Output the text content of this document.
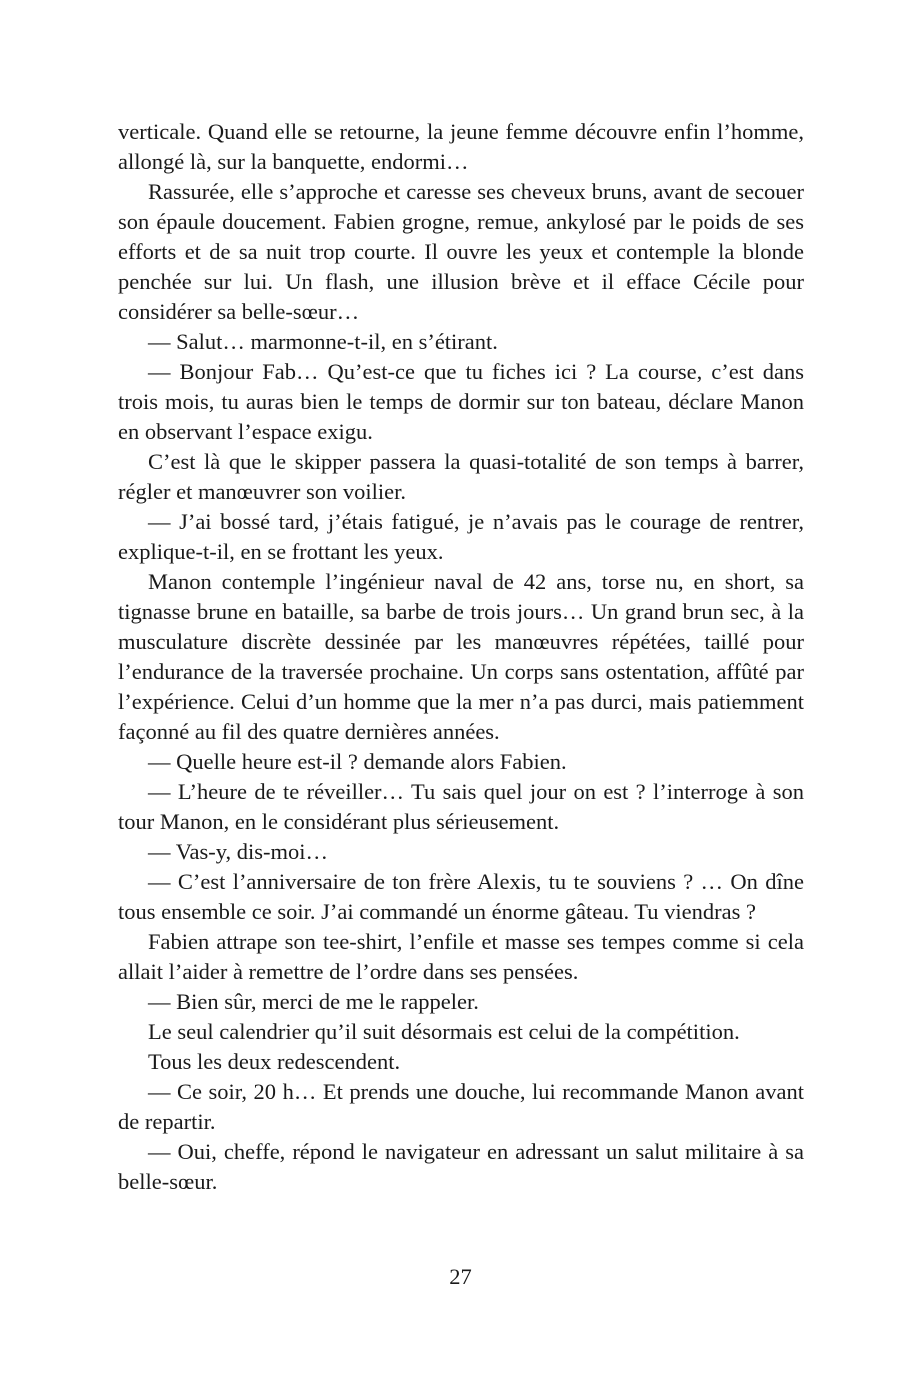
verticale. Quand elle se retourne, la jeune femme découvre enfin l’homme, allongé là, sur la banquette, endormi…

Rassurée, elle s’approche et caresse ses cheveux bruns, avant de secouer son épaule doucement. Fabien grogne, remue, ankylosé par le poids de ses efforts et de sa nuit trop courte. Il ouvre les yeux et contemple la blonde penchée sur lui. Un flash, une illusion brève et il efface Cécile pour considérer sa belle-sœur…

— Salut… marmonne-t-il, en s’étirant.

— Bonjour Fab… Qu’est-ce que tu fiches ici ? La course, c’est dans trois mois, tu auras bien le temps de dormir sur ton bateau, déclare Manon en observant l’espace exigu.

C’est là que le skipper passera la quasi-totalité de son temps à barrer, régler et manœuvrer son voilier.

— J’ai bossé tard, j’étais fatigué, je n’avais pas le courage de rentrer, explique-t-il, en se frottant les yeux.

Manon contemple l’ingénieur naval de 42 ans, torse nu, en short, sa tignasse brune en bataille, sa barbe de trois jours… Un grand brun sec, à la musculature discrète dessinée par les manœuvres répétées, taillé pour l’endurance de la traversée prochaine. Un corps sans ostentation, affûté par l’expérience. Celui d’un homme que la mer n’a pas durci, mais patiemment façonné au fil des quatre dernières années.

— Quelle heure est-il ? demande alors Fabien.

— L’heure de te réveiller… Tu sais quel jour on est ? l’interroge à son tour Manon, en le considérant plus sérieusement.

— Vas-y, dis-moi…

— C’est l’anniversaire de ton frère Alexis, tu te souviens ? … On dîne tous ensemble ce soir. J’ai commandé un énorme gâteau. Tu viendras ?

Fabien attrape son tee-shirt, l’enfile et masse ses tempes comme si cela allait l’aider à remettre de l’ordre dans ses pensées.

— Bien sûr, merci de me le rappeler.

Le seul calendrier qu’il suit désormais est celui de la compétition.

Tous les deux redescendent.

— Ce soir, 20 h… Et prends une douche, lui recommande Manon avant de repartir.

— Oui, cheffe, répond le navigateur en adressant un salut militaire à sa belle-sœur.

27
